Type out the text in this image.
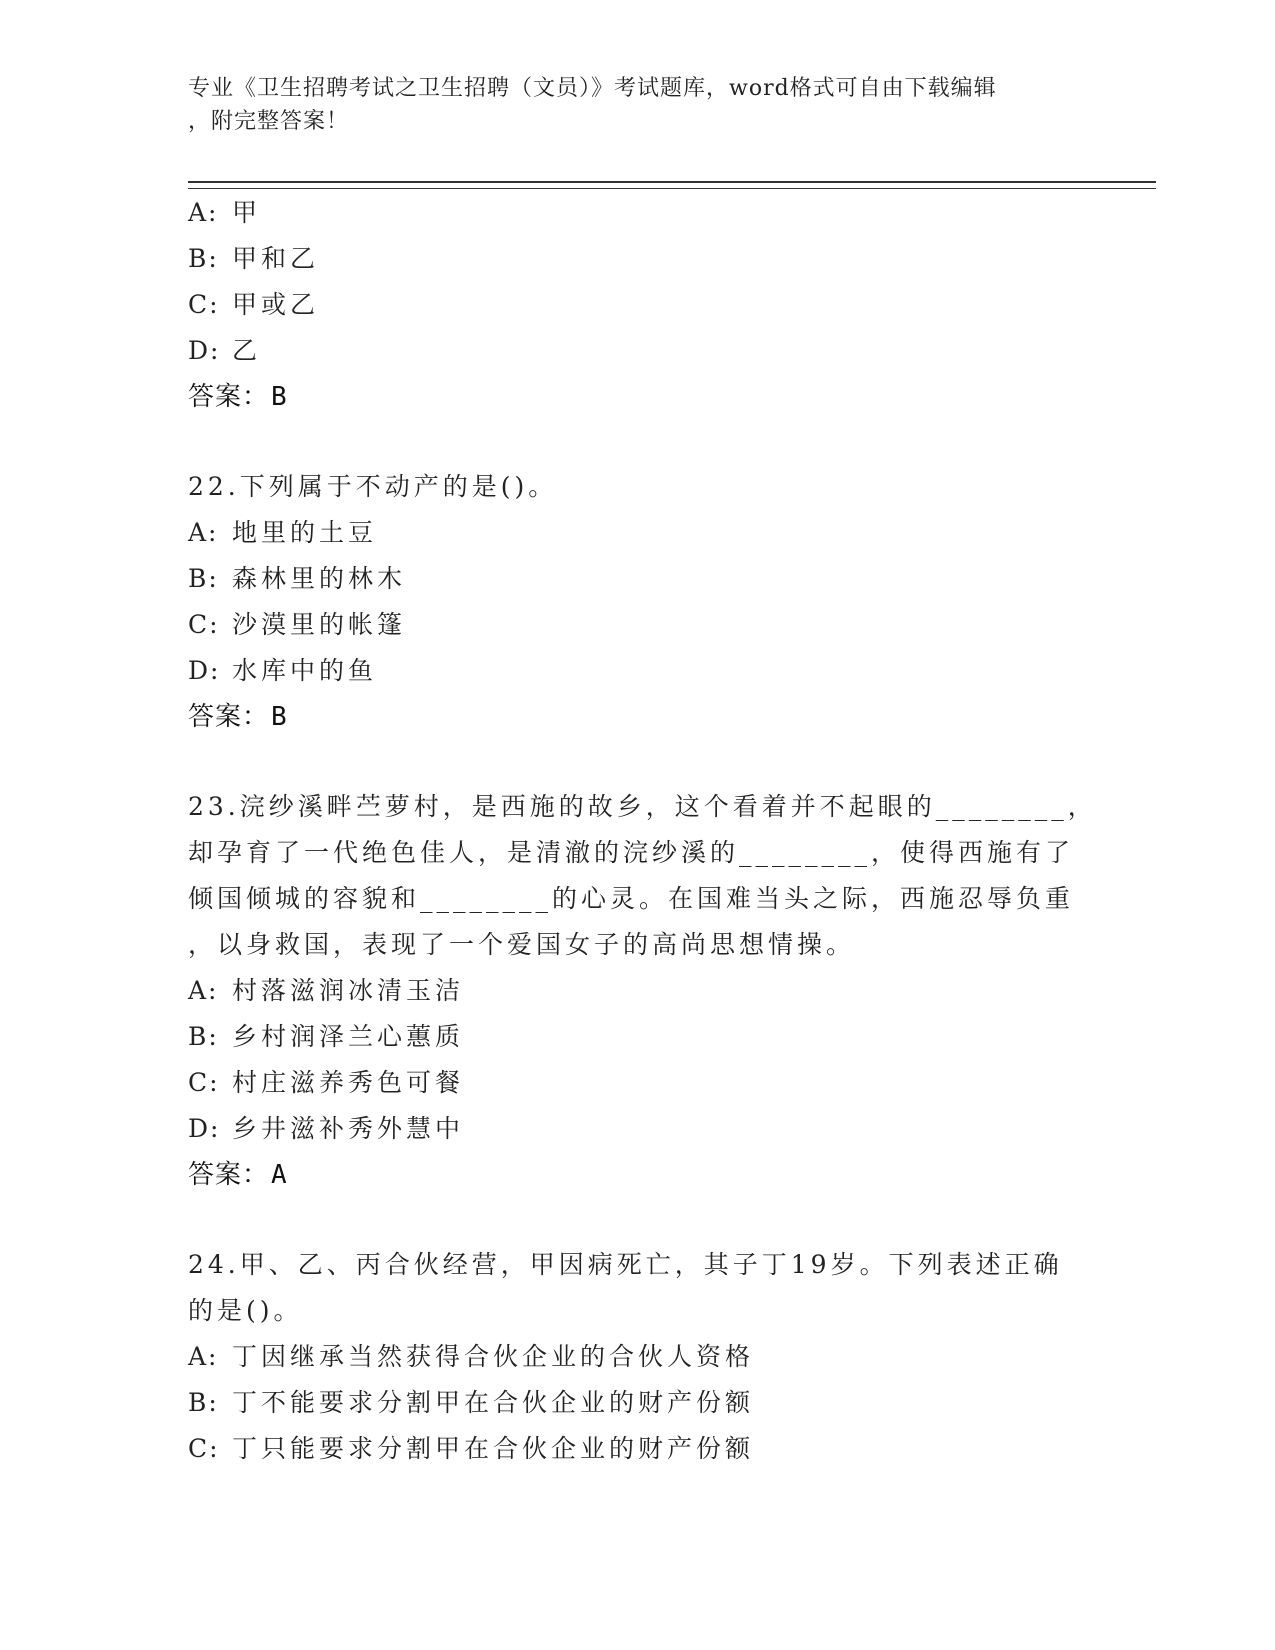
专业《卫生招聘考试之卫生招聘（文员）》考试题库，word格式可自由下载编辑
，附完整答案！
A: 甲
B: 甲和乙
C: 甲或乙
D: 乙
答案：B
22.下列属于不动产的是()。
A: 地里的土豆
B: 森林里的林木
C: 沙漠里的帐篷
D: 水库中的鱼
答案：B
23.浣纱溪畔苎萝村，是西施的故乡，这个看着并不起眼的________，
却孕育了一代绝色佳人，是清澈的浣纱溪的________，使得西施有了
倾国倾城的容貌和________的心灵。在国难当头之际，西施忍辱负重
，以身救国，表现了一个爱国女子的高尚思想情操。
A: 村落滋润冰清玉洁
B: 乡村润泽兰心蕙质
C: 村庄滋养秀色可餐
D: 乡井滋补秀外慧中
答案：A
24.甲、乙、丙合伙经营，甲因病死亡，其子丁19岁。下列表述正确
的是()。
A: 丁因继承当然获得合伙企业的合伙人资格
B: 丁不能要求分割甲在合伙企业的财产份额
C: 丁只能要求分割甲在合伙企业的财产份额
